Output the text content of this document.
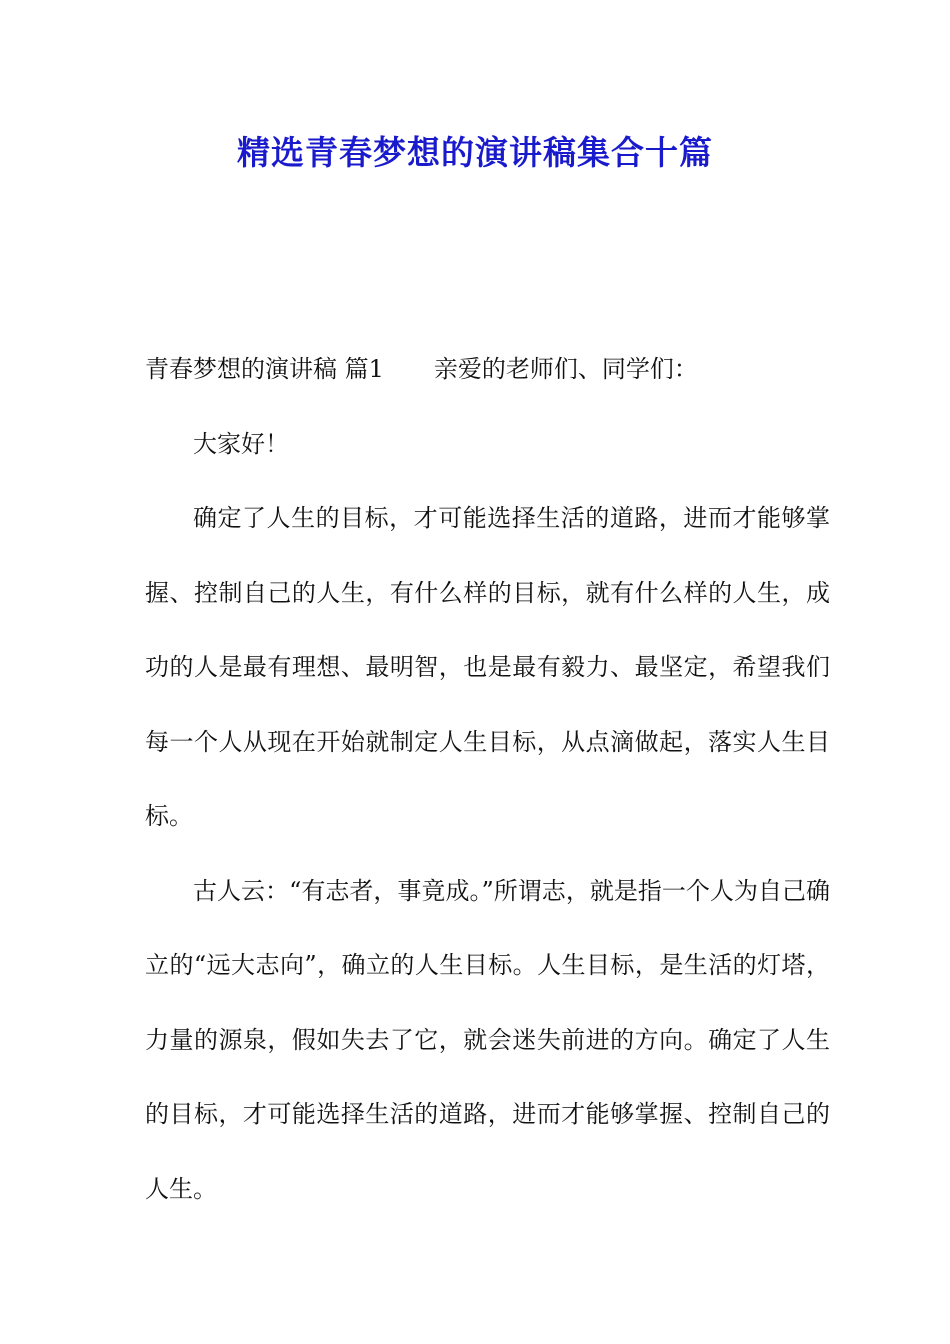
精选青春梦想的演讲稿集合十篇

青春梦想的演讲稿 篇1 亲爱的老师们、同学们：

大家好！

确定了人生的目标，才可能选择生活的道路，进而才能够掌握、控制自己的人生，有什么样的目标，就有什么样的人生，成功的人是最有理想、最明智，也是最有毅力、最坚定，希望我们每一个人从现在开始就制定人生目标，从点滴做起，落实人生目标。

古人云：“有志者，事竟成。”所谓志，就是指一个人为自己确立的“远大志向”，确立的人生目标。人生目标，是生活的灯塔，力量的源泉，假如失去了它，就会迷失前进的方向。确定了人生的目标，才可能选择生活的道路，进而才能够掌握、控制自己的人生。
